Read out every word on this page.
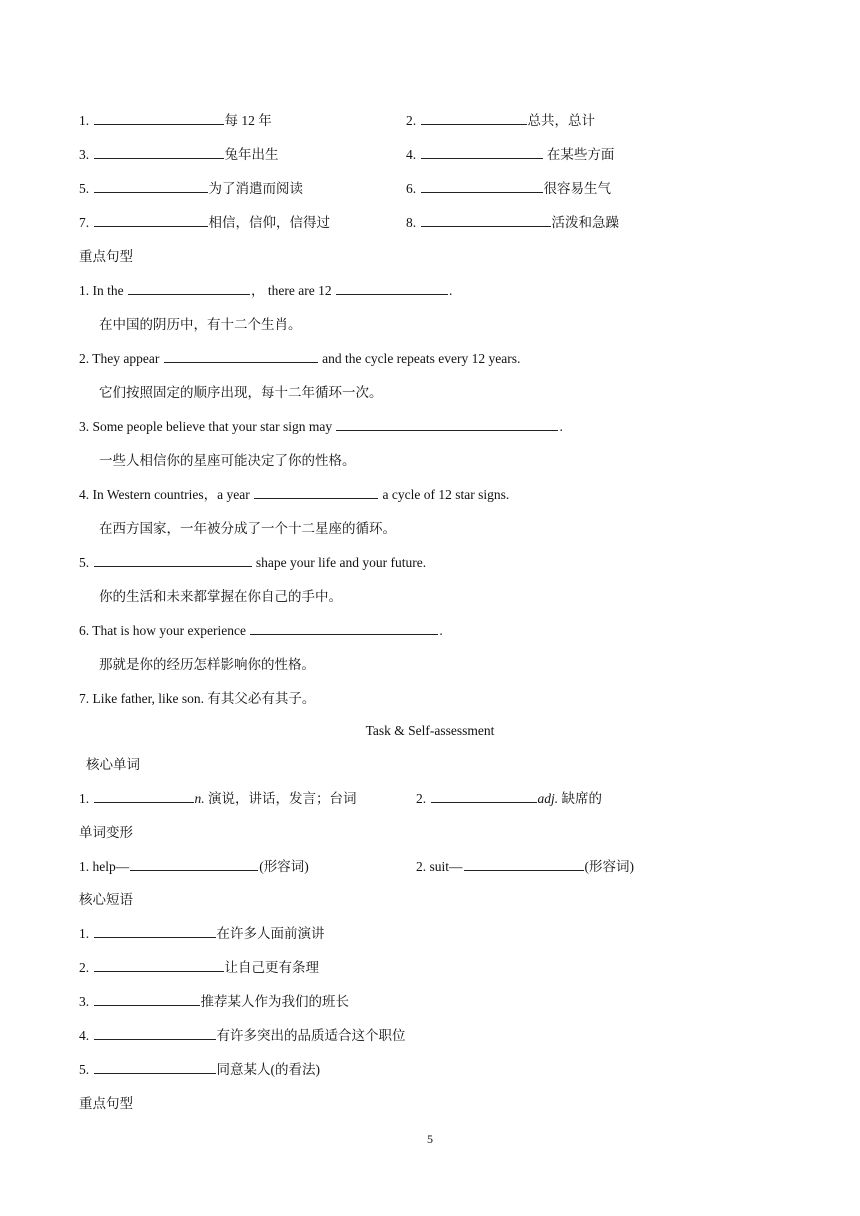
1.	每 12 年	2.	总共，总计
3.	兔年出生	4.	在某些方面
5.	为了消遣而阅读	6.	很容易生气
7.	相信，信仰，信得过	8.	活泼和急躁
重点句型
1. In the	， there are 12	.
在中国的阴历中，有十二个生肖。
2. They appear	and the cycle repeats every 12 years.
它们按照固定的顺序出现，每十二年循环一次。
3. Some people believe that your star sign may	.
一些人相信你的星座可能决定了你的性格。
4. In Western countries，a year	a cycle of 12 star signs.
在西方国家，一年被分成了一个十二星座的循环。
5.	shape your life and your future.
你的生活和未来都掌握在你自己的手中。
6. That is how your experience	.
那就是你的经历怎样影响你的性格。
7. Like father, like son. 有其父必有其子。
Task & Self-assessment
核心单词
1.	n. 演说，讲话，发言；台词	2.	adj. 缺席的
单词变形
1. help—	(形容词)	2. suit—	(形容词)
核心短语
1.	在许多人面前演讲
2.	让自己更有条理
3.	推荐某人作为我们的班长
4.	有许多突出的品质适合这个职位
5.	同意某人(的看法)
重点句型
5
